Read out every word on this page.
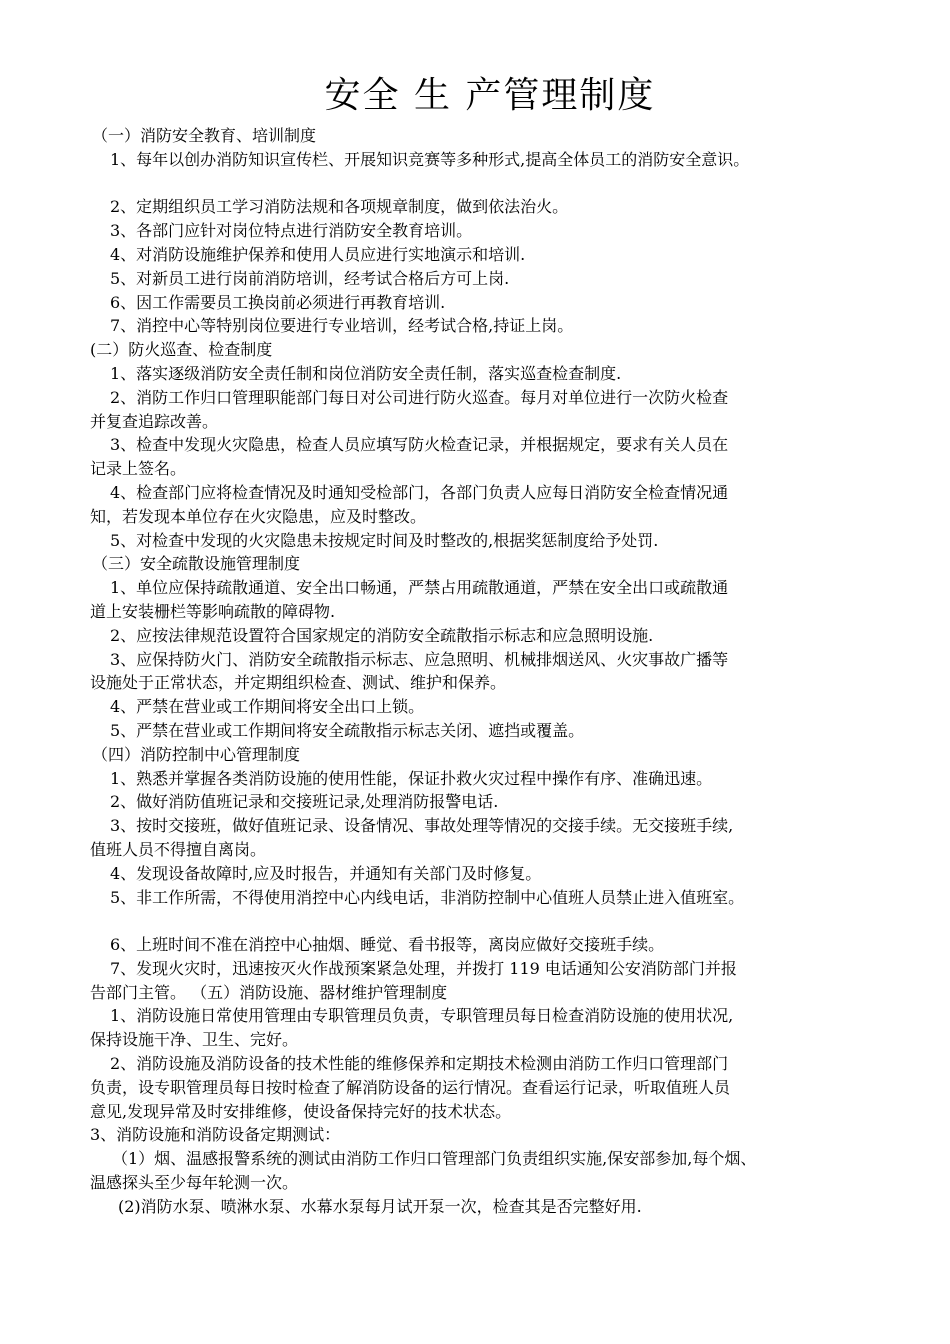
安全 生 产管理制度
（一）消防安全教育、培训制度
1、每年以创办消防知识宣传栏、开展知识竞赛等多种形式,提高全体员工的消防安全意识。
2、定期组织员工学习消防法规和各项规章制度，做到依法治火。
3、各部门应针对岗位特点进行消防安全教育培训。
4、对消防设施维护保养和使用人员应进行实地演示和培训.
5、对新员工进行岗前消防培训，经考试合格后方可上岗.
6、因工作需要员工换岗前必须进行再教育培训.
7、消控中心等特别岗位要进行专业培训，经考试合格,持证上岗。
(二）防火巡查、检查制度
1、落实逐级消防安全责任制和岗位消防安全责任制，落实巡查检查制度.
2、消防工作归口管理职能部门每日对公司进行防火巡查。每月对单位进行一次防火检查
并复查追踪改善。
3、检查中发现火灾隐患，检查人员应填写防火检查记录，并根据规定，要求有关人员在
记录上签名。
4、检查部门应将检查情况及时通知受检部门，各部门负责人应每日消防安全检查情况通
知，若发现本单位存在火灾隐患，应及时整改。
5、对检查中发现的火灾隐患未按规定时间及时整改的,根据奖惩制度给予处罚.
（三）安全疏散设施管理制度
1、单位应保持疏散通道、安全出口畅通，严禁占用疏散通道，严禁在安全出口或疏散通
道上安装栅栏等影响疏散的障碍物.
2、应按法律规范设置符合国家规定的消防安全疏散指示标志和应急照明设施.
3、应保持防火门、消防安全疏散指示标志、应急照明、机械排烟送风、火灾事故广播等
设施处于正常状态，并定期组织检查、测试、维护和保养。
4、严禁在营业或工作期间将安全出口上锁。
5、严禁在营业或工作期间将安全疏散指示标志关闭、遮挡或覆盖。
（四）消防控制中心管理制度
1、熟悉并掌握各类消防设施的使用性能，保证扑救火灾过程中操作有序、准确迅速。
2、做好消防值班记录和交接班记录,处理消防报警电话.
3、按时交接班，做好值班记录、设备情况、事故处理等情况的交接手续。无交接班手续,
值班人员不得擅自离岗。
4、发现设备故障时,应及时报告，并通知有关部门及时修复。
5、非工作所需，不得使用消控中心内线电话，非消防控制中心值班人员禁止进入值班室。
6、上班时间不准在消控中心抽烟、睡觉、看书报等，离岗应做好交接班手续。
7、发现火灾时，迅速按灭火作战预案紧急处理，并拨打 119 电话通知公安消防部门并报
告部门主管。 （五）消防设施、器材维护管理制度
1、消防设施日常使用管理由专职管理员负责，专职管理员每日检查消防设施的使用状况,
保持设施干净、卫生、完好。
2、消防设施及消防设备的技术性能的维修保养和定期技术检测由消防工作归口管理部门
负责，设专职管理员每日按时检查了解消防设备的运行情况。查看运行记录，听取值班人员
意见,发现异常及时安排维修，使设备保持完好的技术状态。
3、消防设施和消防设备定期测试：
（1）烟、温感报警系统的测试由消防工作归口管理部门负责组织实施,保安部参加,每个烟、
温感探头至少每年轮测一次。
(2)消防水泵、喷淋水泵、水幕水泵每月试开泵一次，检查其是否完整好用.
